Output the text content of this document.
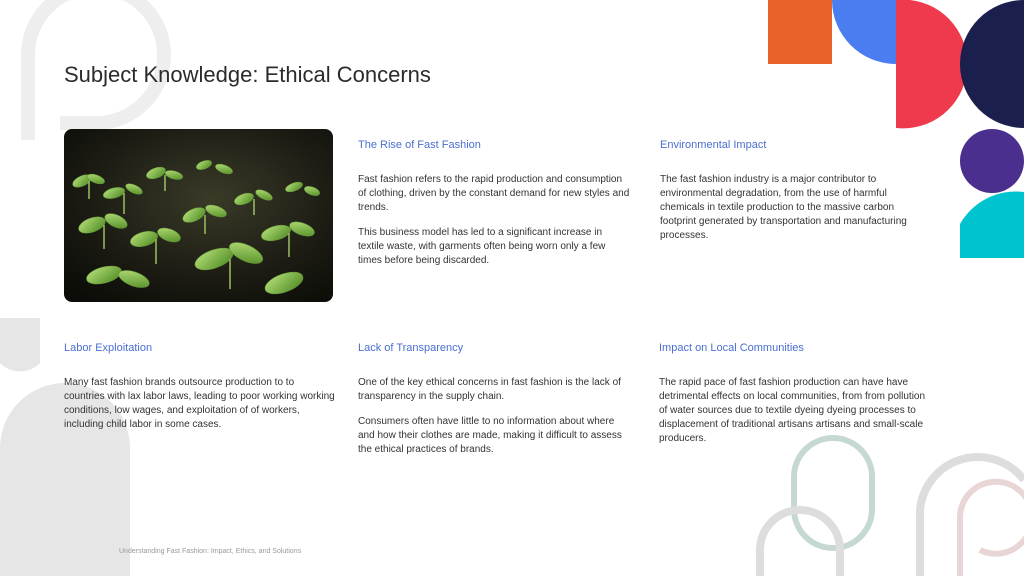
Subject Knowledge: Ethical Concerns

The Rise of Fast Fashion

Fast fashion refers to the rapid production and consumption of clothing, driven by the constant demand for new styles and trends.

This business model has led to a significant increase in textile waste, with garments often being worn only a few times before being discarded.

Environmental Impact

The fast fashion industry is a major contributor to environmental degradation, from the use of harmful chemicals in textile production to the massive carbon footprint generated by transportation and manufacturing processes.

Labor Exploitation

Many fast fashion brands outsource production to to countries with lax labor laws, leading to poor working working conditions, low wages, and exploitation of of workers, including child labor in some cases.

Lack of Transparency

One of the key ethical concerns in fast fashion is the lack of transparency in the supply chain.

Consumers often have little to no information about where and how their clothes are made, making it difficult to assess the ethical practices of brands.

Impact on Local Communities

The rapid pace of fast fashion production can have have detrimental effects on local communities, from from pollution of water sources due to textile dyeing dyeing processes to displacement of traditional artisans artisans and small-scale producers.

Understanding Fast Fashion: Impact, Ethics, and Solutions
